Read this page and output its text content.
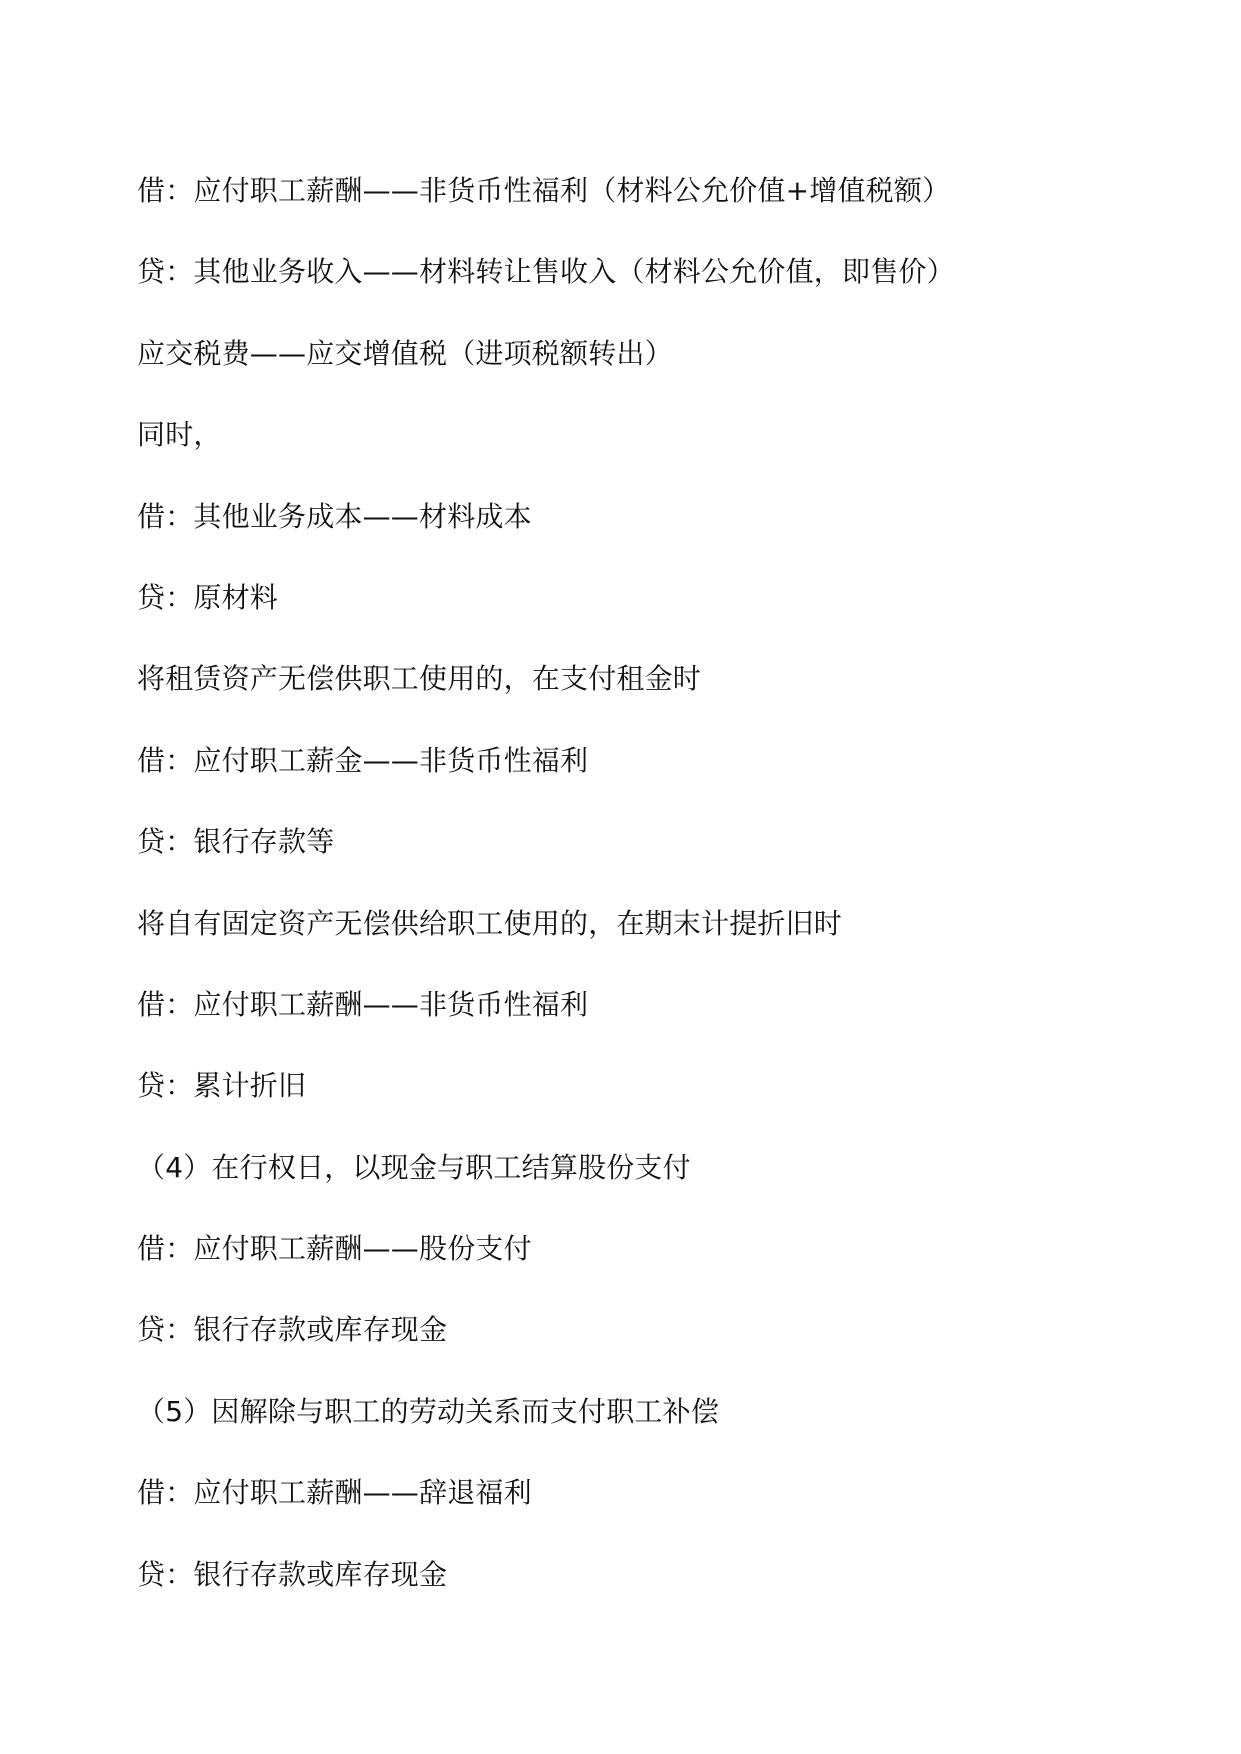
借：应付职工薪酬——非货币性福利（材料公允价值+增值税额）
贷：其他业务收入——材料转让售收入（材料公允价值，即售价）
应交税费——应交增值税（进项税额转出）
同时，
借：其他业务成本——材料成本
贷：原材料
将租赁资产无偿供职工使用的，在支付租金时
借：应付职工薪金——非货币性福利
贷：银行存款等
将自有固定资产无偿供给职工使用的，在期末计提折旧时
借：应付职工薪酬——非货币性福利
贷：累计折旧
（4）在行权日，以现金与职工结算股份支付
借：应付职工薪酬——股份支付
贷：银行存款或库存现金
（5）因解除与职工的劳动关系而支付职工补偿
借：应付职工薪酬——辞退福利
贷：银行存款或库存现金
